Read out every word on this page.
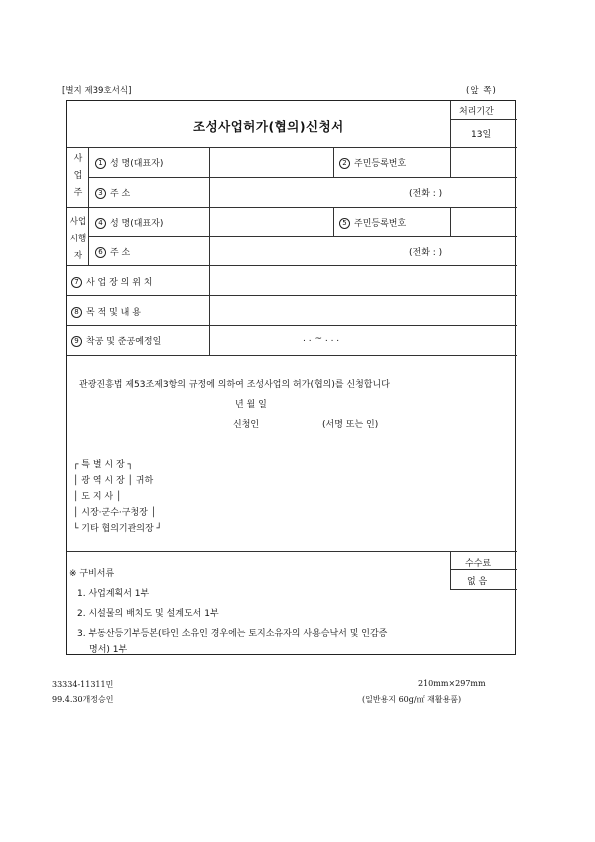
[별지 제39호서식]	(앞 쪽)
조성사업허가(협의)신청서
처리기간
13일
사
업
주
1 성 명(대표자)	2 주민등록번호
3 주 소	(전화 : )
사업
시행자
4 성 명(대표자)	5 주민등록번호
6 주 소	(전화 : )
7 사 업 장 의 위 치
8 목 적 및 내 용
9 착공 및 준공예정일	. . ~ . . .
관광진흥법 제53조제3항의 규정에 의하여 조성사업의 허가(협의)를 신청합니다
년 월 일
신청인	(서명 또는 인)
┌ 특 별 시 장 ┐
│ 광 역 시 장 │ 귀하
│ 도 지 사 │
│ 시장·군수·구청장 │
└ 기타 협의기관의장 ┘
수수료
없 음
※ 구비서류
1. 사업계획서 1부
2. 시설물의 배치도 및 설계도서 1부
3. 부동산등기부등본(타인 소유인 경우에는 토지소유자의 사용승낙서 및 인감증
명서) 1부
33334-11311민
99.4.30개정승인
210mm×297mm
(일반용지 60g/㎡ 재활용품)
